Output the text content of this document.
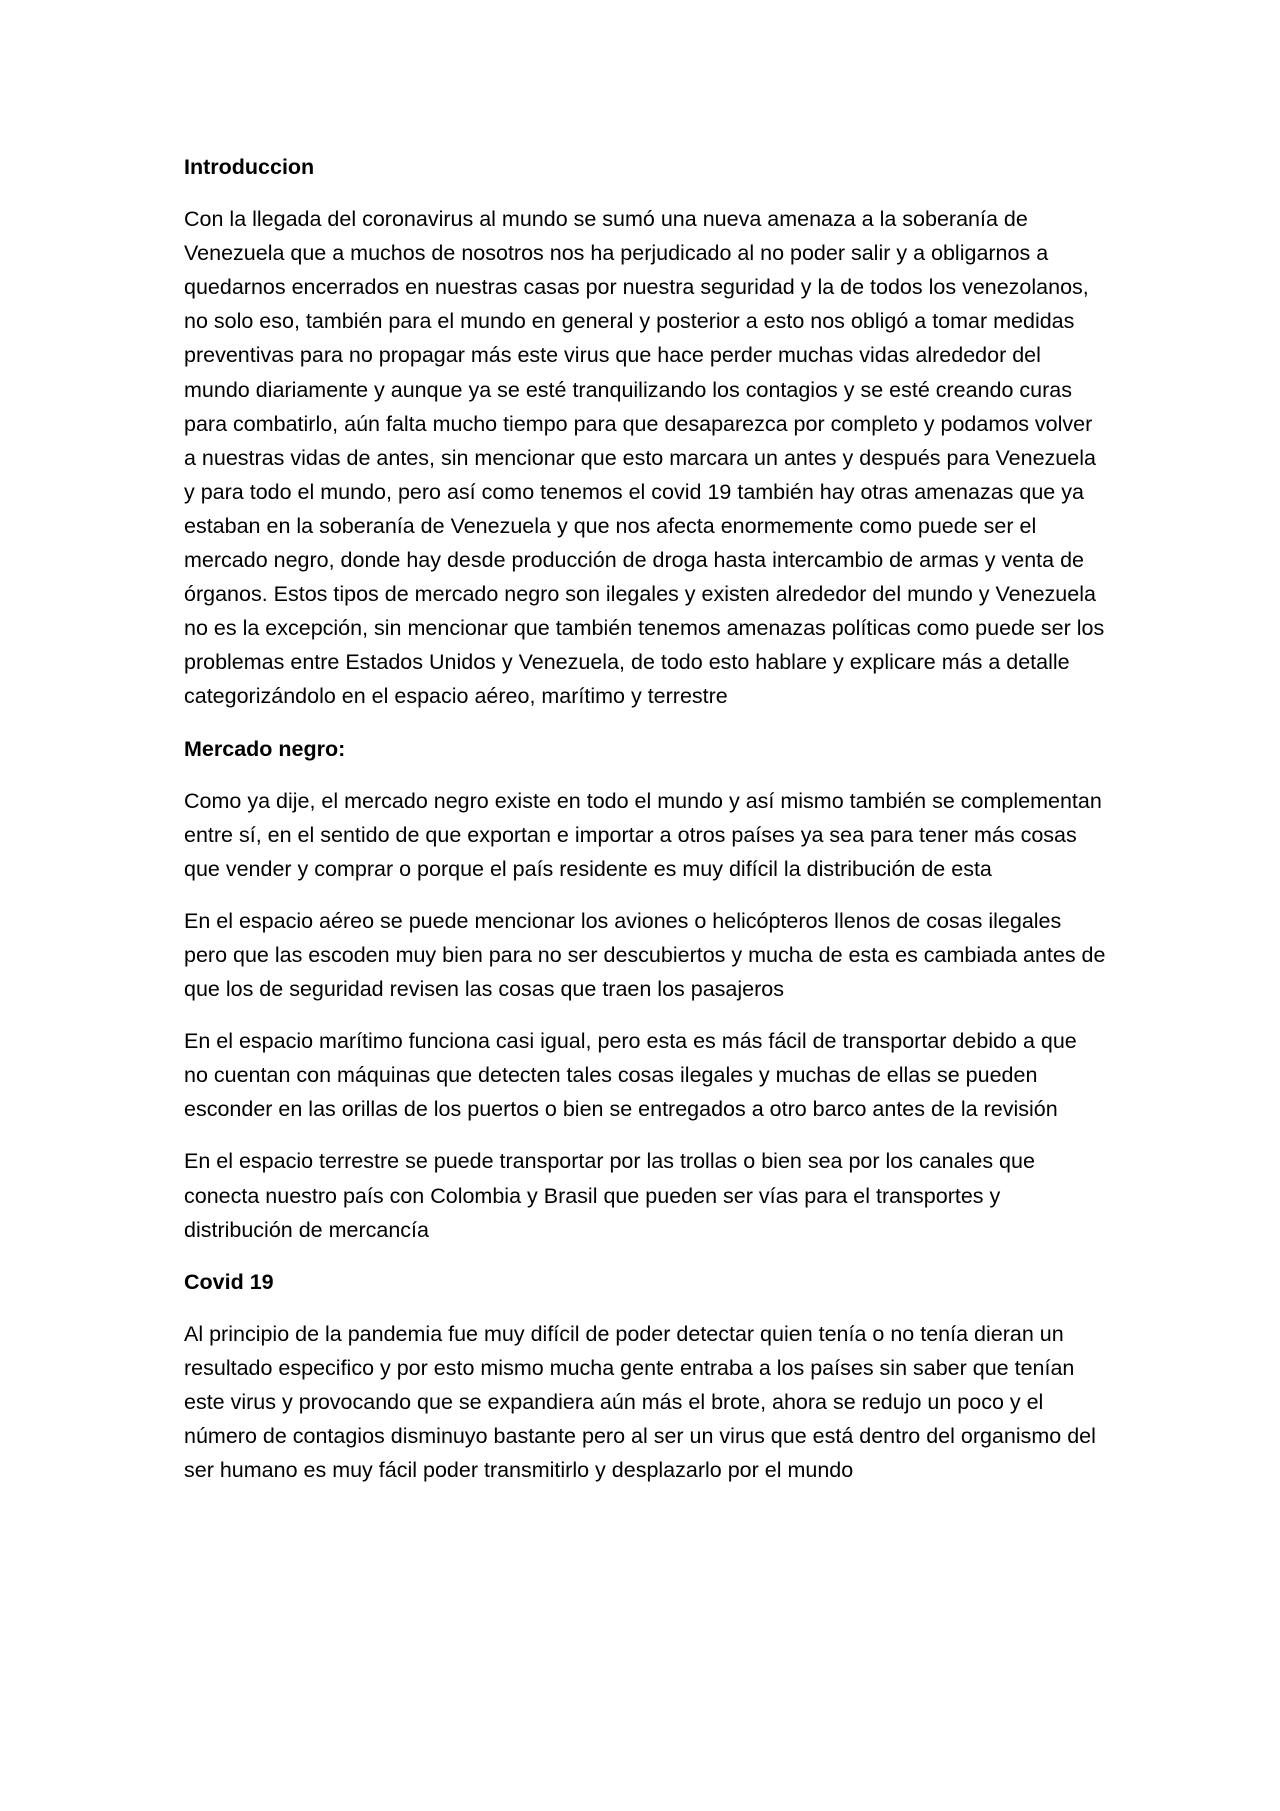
Introduccion
Con la llegada del coronavirus al mundo se sumó una nueva amenaza a la soberanía de Venezuela que a muchos de nosotros nos ha perjudicado al no poder salir y a obligarnos a quedarnos encerrados en nuestras casas por nuestra seguridad y la de todos los venezolanos, no solo eso, también para el mundo en general y posterior a esto nos obligó a tomar medidas preventivas para no propagar más este virus que hace perder muchas vidas alrededor del mundo diariamente y aunque ya se esté tranquilizando los contagios y se esté creando curas para combatirlo, aún falta mucho tiempo para que desaparezca por completo y podamos volver a nuestras vidas de antes, sin mencionar que esto marcara un antes y después para Venezuela y para todo el mundo, pero así como tenemos el covid 19 también hay otras amenazas que ya estaban en la soberanía de Venezuela y que nos afecta enormemente como puede ser el mercado negro, donde hay desde producción de droga hasta intercambio de armas y venta de órganos. Estos tipos de mercado negro son ilegales y existen alrededor del mundo y Venezuela no es la excepción, sin mencionar que también tenemos amenazas políticas como puede ser los problemas entre Estados Unidos y Venezuela, de todo esto hablare y explicare más a detalle categorizándolo en el espacio aéreo, marítimo y terrestre
Mercado negro:
Como ya dije, el mercado negro existe en todo el mundo y así mismo también se complementan entre sí, en el sentido de que exportan e importar a otros países ya sea para tener más cosas que vender y comprar o porque el país residente es muy difícil la distribución de esta
En el espacio aéreo se puede mencionar los aviones o helicópteros llenos de cosas ilegales pero que las escoden muy bien para no ser descubiertos y mucha de esta es cambiada antes de que los de seguridad revisen las cosas que traen los pasajeros
En el espacio marítimo funciona casi igual, pero esta es más fácil de transportar debido a que no cuentan con máquinas que detecten tales cosas ilegales y muchas de ellas se pueden esconder en las orillas de los puertos o bien se entregados a otro barco antes de la revisión
En el espacio terrestre se puede transportar por las trollas o bien sea por los canales que conecta nuestro país con Colombia y Brasil que pueden ser vías para el transportes y distribución de mercancía
Covid 19
Al principio de la pandemia fue muy difícil de poder detectar quien tenía o no tenía dieran un resultado especifico y por esto mismo mucha gente entraba a los países sin saber que tenían este virus y provocando que se expandiera aún más el brote, ahora se redujo un poco y el número de contagios disminuyo bastante pero al ser un virus que está dentro del organismo del ser humano es muy fácil poder transmitirlo y desplazarlo por el mundo
